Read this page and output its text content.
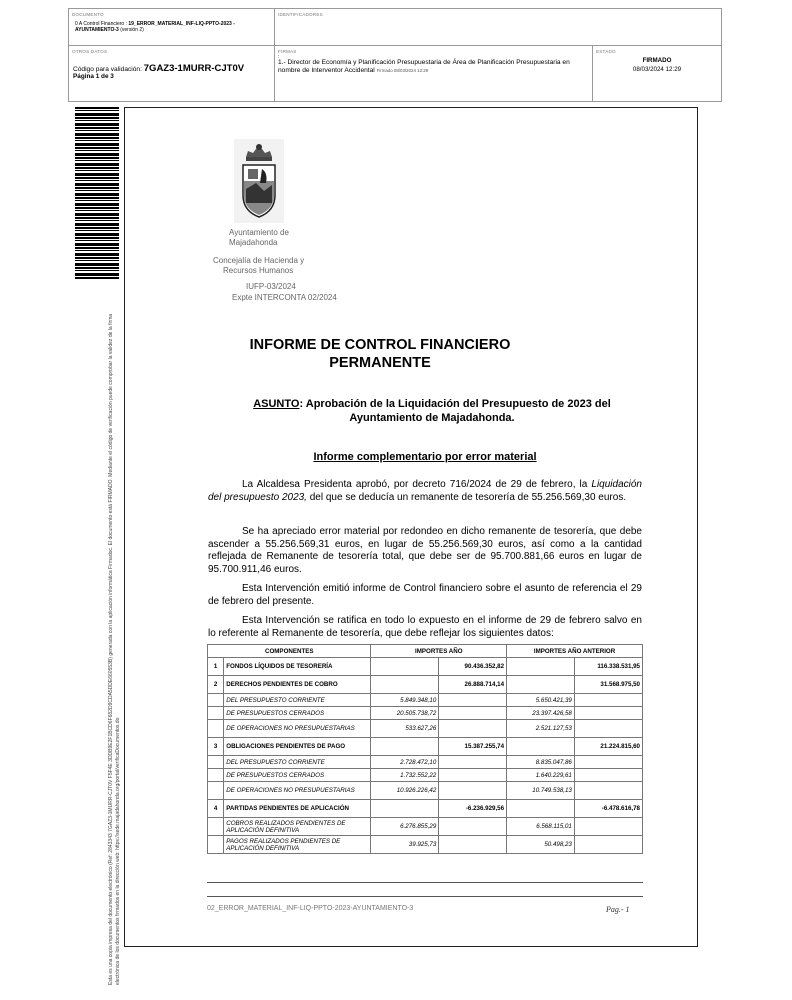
DOCUMENTO
0 A Control Financiero : 19_ERROR_MATERIAL_INF-LIQ-PPTO-2023 -AYUNTAMIENTO-3 (versión 2)
IDENTIFICADORES
OTROS DATOS
Código para validación: 7GAZ3-1MURR-CJT0V
Página 1 de 3
FIRMAS
:
1.- Director de Economía y Planificación Presupuestaria de Área de Planificación Presupuestaria en nombre de Interventor Accidental Firmado 08/03/2024 12:29
ESTADO
FIRMADO
08/03/2024 12:29
Esta es una copia impresa del documento electrónico (Ref: 2843343 7GAZ3-1MURR-CJT0V F5F4E 3DDB9E2F1BCD6F682D9CDA5DDE660553B) generada con la aplicación informática Firmadoc. El documento está FIRMADO. Mediante el código de verificación puede comprobar la validez de la firma electrónica de los documentos firmados en la dirección web: https://sede.majadahonda.org/portal/verificaDocumentos.do
Ayuntamiento de
Majadahonda
Concejalía de Hacienda y
Recursos Humanos
IUFP-03/2024
Expte INTERCONTA 02/2024
INFORME DE CONTROL FINANCIERO
PERMANENTE
ASUNTO: Aprobación de la Liquidación del Presupuesto de 2023 del Ayuntamiento de Majadahonda.
Informe complementario por error material
La Alcaldesa Presidenta aprobó, por decreto 716/2024 de 29 de febrero, la Liquidación del presupuesto 2023, del que se deducía un remanente de tesorería de 55.256.569,30 euros.
Se ha apreciado error material por redondeo en dicho remanente de tesorería, que debe ascender a 55.256.569,31 euros, en lugar de 55.256.569,30 euros, así como a la cantidad reflejada de Remanente de tesorería total, que debe ser de 95.700.881,66 euros en lugar de 95.700.911,46 euros.
Esta Intervención emitió informe de Control financiero sobre el asunto de referencia el 29 de febrero del presente.
Esta Intervención se ratifica en todo lo expuesto en el informe de 29 de febrero salvo en lo referente al Remanente de tesorería, que debe reflejar los siguientes datos:
COMPONENTES	IMPORTES AÑO	IMPORTES AÑO ANTERIOR
1	FONDOS LÍQUIDOS DE TESORERÍA		90.436.352,82		116.338.531,95
2	DERECHOS PENDIENTES DE COBRO		26.888.714,14		31.568.975,50
	DEL PRESUPUESTO CORRIENTE	5.849.348,10		5.650.421,39	
	DE PRESUPUESTOS CERRADOS	20.505.738,72		23.397.426,58	
	DE OPERACIONES NO PRESUPUESTARIAS	533.627,26		2.521.127,53	
3	OBLIGACIONES PENDIENTES DE PAGO		15.387.255,74		21.224.815,60
	DEL PRESUPUESTO CORRIENTE	2.728.472,10		8.835.047,86	
	DE PRESUPUESTOS CERRADOS	1.732.552,22		1.640.229,61	
	DE OPERACIONES NO PRESUPUESTARIAS	10.926.226,42		10.749.538,13	
4	PARTIDAS PENDIENTES DE APLICACIÓN		-6.236.929,56		-6.478.616,78
	COBROS REALIZADOS PENDIENTES DE APLICACIÓN DEFINITIVA	6.276.855,29		6.568.115,01	
	PAGOS REALIZADOS PENDIENTES DE APLICACIÓN DEFINITIVA	39.925,73		50.498,23	
02_ERROR_MATERIAL_INF-LIQ-PPTO-2023-AYUNTAMIENTO-3	Pag.- 1
